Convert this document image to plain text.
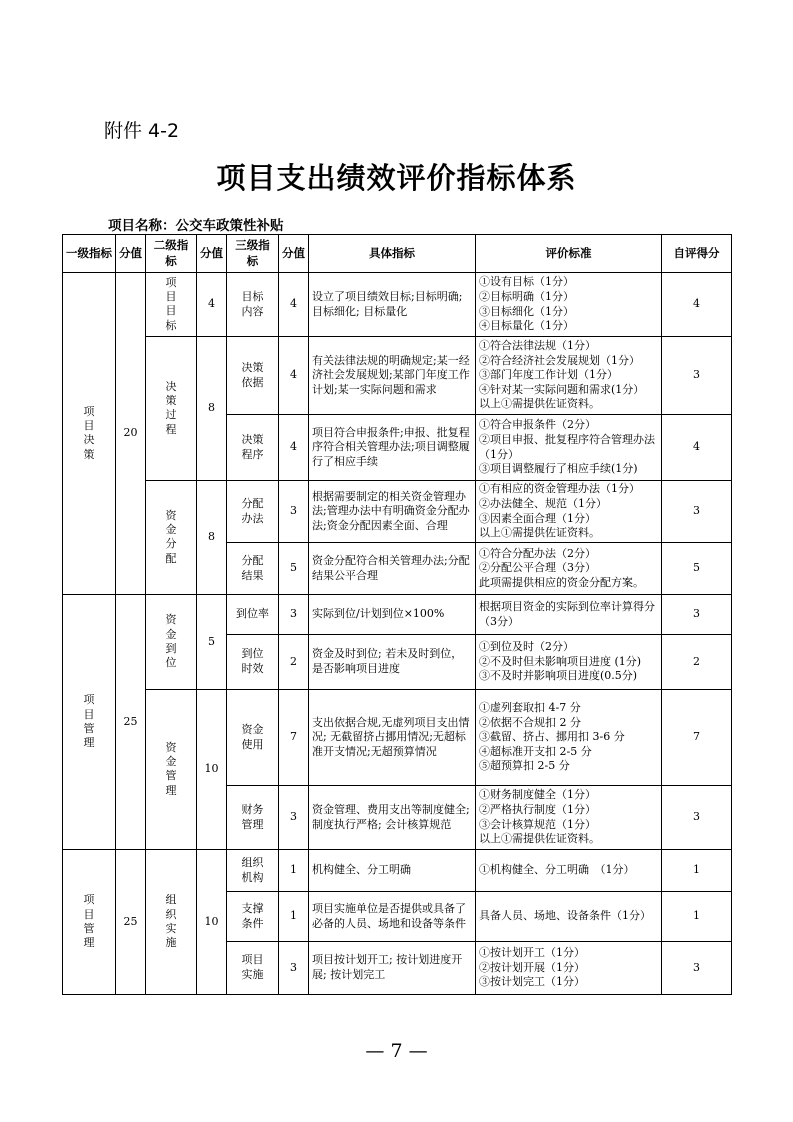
附件 4-2
项目支出绩效评价指标体系
项目名称：公交车政策性补贴
一级指标	分值	二级指标	分值	三级指标	分值	具体指标	评价标准	自评得分
项目决策	20	项目目标	4	目标内容	4	设立了项目绩效目标;目标明确; 目标细化; 目标量化	①设有目标（1分）
②目标明确（1分）
③目标细化（1分）
④目标量化（1分）	4
		决策过程	8	决策依据	4	有关法律法规的明确规定;某一经济社会发展规划;某部门年度工作计划;某一实际问题和需求	①符合法律法规（1分）
②符合经济社会发展规划（1分）
③部门年度工作计划（1分）
④针对某一实际问题和需求(1分）
以上①需提供佐证资料。	3

				决策程序	4	项目符合申报条件;申报、批复程序符合相关管理办法;项目调整履行了相应手续	①符合申报条件（2分）
②项目申报、批复程序符合管理办法（1分）
③项目调整履行了相应手续(1分)	4
		资金分配	8	分配办法	3	根据需要制定的相关资金管理办法;管理办法中有明确资金分配办法;资金分配因素全面、合理	①有相应的资金管理办法（1分）
②办法健全、规范（1分）
③因素全面合理（1分）
以上①需提供佐证资料。	3

				分配结果	5	资金分配符合相关管理办法;分配结果公平合理	①符合分配办法（2分）
②分配公平合理（3分）
此项需提供相应的资金分配方案。	5
项目管理	25	资金到位	5	到位率	3	实际到位/计划到位×100%	根据项目资金的实际到位率计算得分（3分）	3

				到位时效	2	资金及时到位; 若未及时到位，是否影响项目进度	①到位及时（2分）
②不及时但未影响项目进度 (1分)
③不及时并影响项目进度(0.5分)	2
		资金管理	10	资金使用	7	支出依据合规,无虚列项目支出情况; 无截留挤占挪用情况;无超标准开支情况;无超预算情况	①虚列套取扣 4-7 分
②依据不合规扣 2 分
③截留、挤占、挪用扣 3-6 分
④超标准开支扣 2-5 分
⑤超预算扣 2-5 分	7

				财务管理	3	资金管理、费用支出等制度健全; 制度执行严格; 会计核算规范	①财务制度健全（1分）
②严格执行制度（1分）
③会计核算规范（1分）
以上①需提供佐证资料。	3
项目管理	25	组织实施	10	组织机构	1	机构健全、分工明确	①机构健全、分工明确　（1分）	1

				支撑条件	1	项目实施单位是否提供或具备了必备的人员、场地和设备等条件	具备人员、场地、设备条件（1分）	1

				项目实施	3	项目按计划开工; 按计划进度开展; 按计划完工	①按计划开工（1分）
②按计划开展（1分）
③按计划完工（1分）	3
— 7 —
